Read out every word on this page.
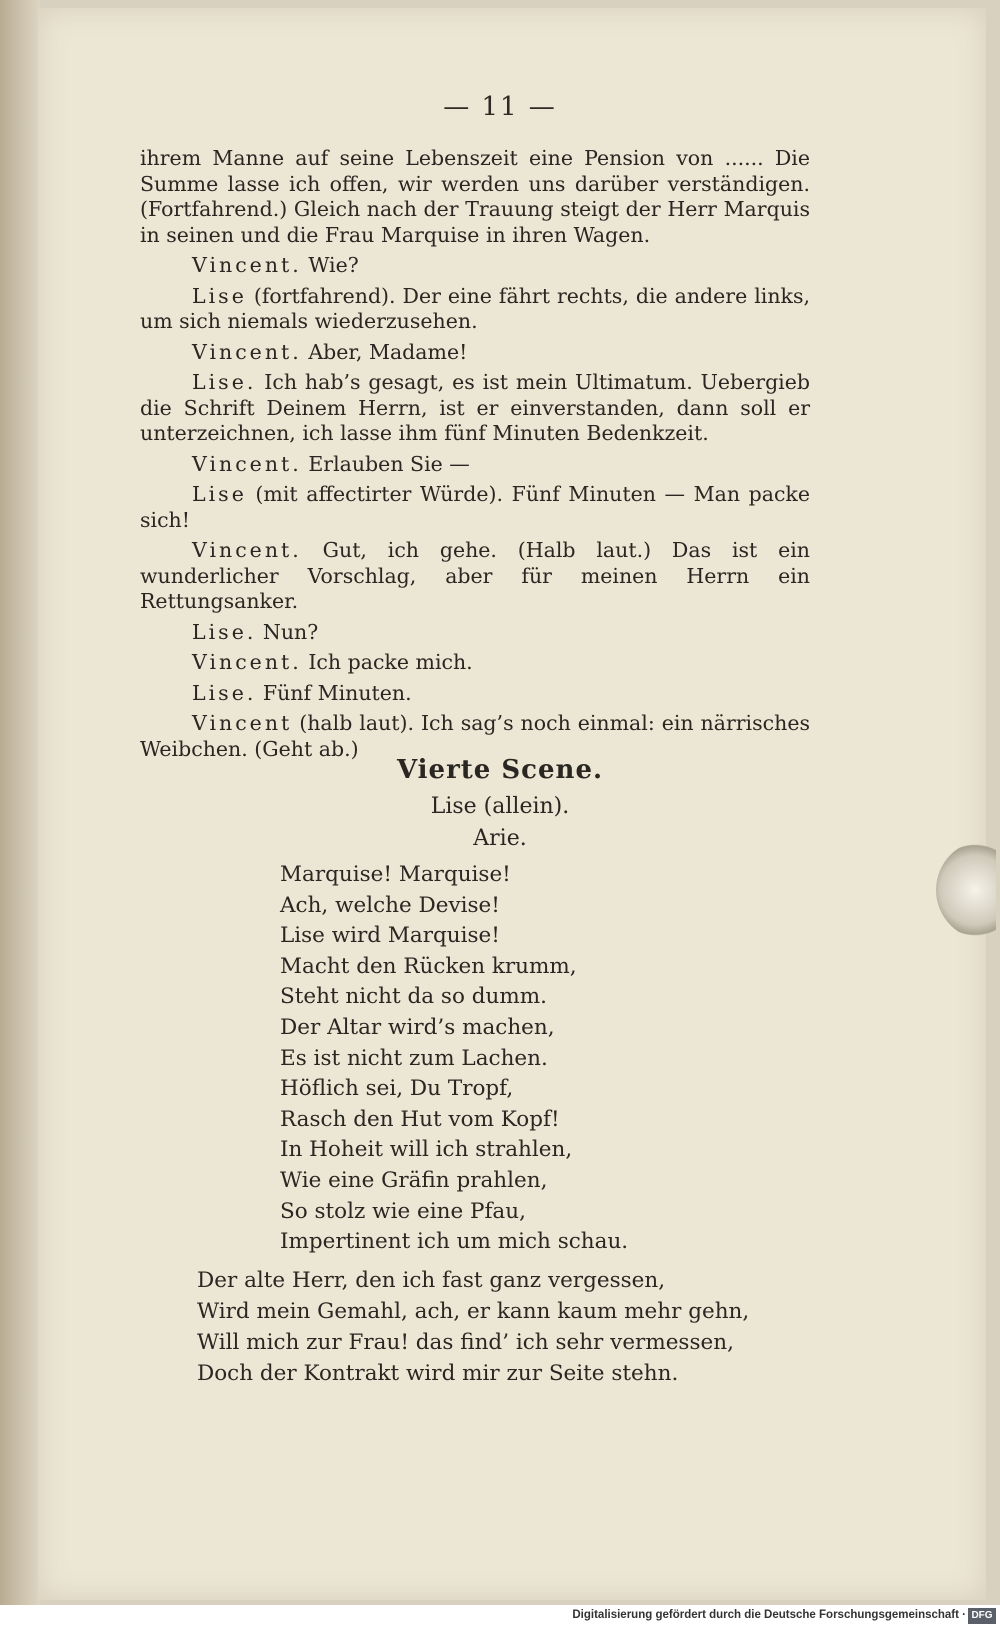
— 11 —

ihrem Manne auf seine Lebenszeit eine Pension von ...... Die Summe lasse ich offen, wir werden uns darüber verständigen. (Fortfahrend.) Gleich nach der Trauung steigt der Herr Marquis in seinen und die Frau Marquise in ihren Wagen.

Vincent. Wie?

Lise (fortfahrend). Der eine fährt rechts, die andere links, um sich niemals wiederzusehen.

Vincent. Aber, Madame!

Lise. Ich hab’s gesagt, es ist mein Ultimatum. Uebergieb die Schrift Deinem Herrn, ist er einverstanden, dann soll er unterzeichnen, ich lasse ihm fünf Minuten Bedenkzeit.

Vincent. Erlauben Sie —

Lise (mit affectirter Würde). Fünf Minuten — Man packe sich!

Vincent. Gut, ich gehe. (Halb laut.) Das ist ein wunderlicher Vorschlag, aber für meinen Herrn ein Rettungsanker.

Lise. Nun?

Vincent. Ich packe mich.

Lise. Fünf Minuten.

Vincent (halb laut). Ich sag’s noch einmal: ein närrisches Weibchen. (Geht ab.)

Vierte Scene.
Lise (allein).
Arie.
Marquise! Marquise!
Ach, welche Devise!
Lise wird Marquise!
Macht den Rücken krumm,
Steht nicht da so dumm.
Der Altar wird’s machen,
Es ist nicht zum Lachen.
Höflich sei, Du Tropf,
Rasch den Hut vom Kopf!
In Hoheit will ich strahlen,
Wie eine Gräfin prahlen,
So stolz wie eine Pfau,
Impertinent ich um mich schau.
Der alte Herr, den ich fast ganz vergessen,
Wird mein Gemahl, ach, er kann kaum mehr gehn,
Will mich zur Frau! das find’ ich sehr vermessen,
Doch der Kontrakt wird mir zur Seite stehn.
Digitalisierung gefördert durch die Deutsche Forschungsgemeinschaft · DFG
